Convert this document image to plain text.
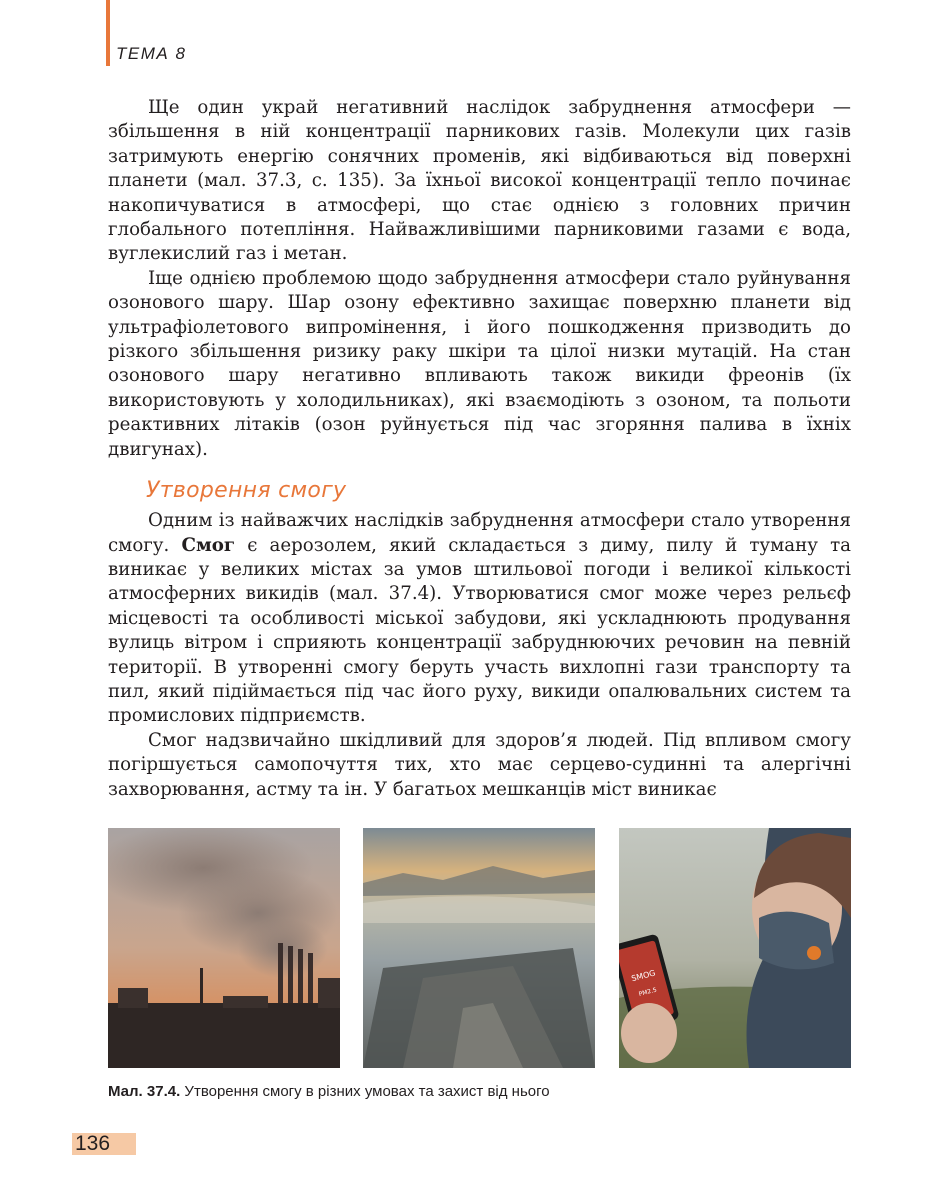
ТЕМА 8

Ще один украй негативний наслідок забруднення атмосфери — збільшення в ній концентрації парникових газів. Молекули цих газів затримують енергію сонячних променів, які відбиваються від поверхні планети (мал. 37.3, с. 135). За їхньої високої концентрації тепло починає накопичуватися в атмосфері, що стає однією з головних причин глобального потепління. Найважливішими парниковими газами є вода, вуглекислий газ і метан.

Іще однією проблемою щодо забруднення атмосфери стало руйнування озонового шару. Шар озону ефективно захищає поверхню планети від ультрафіолетового випромінення, і його пошкодження призводить до різкого збільшення ризику раку шкіри та цілої низки мутацій. На стан озонового шару негативно впливають також викиди фреонів (їх використовують у холодильниках), які взаємодіють з озоном, та польоти реактивних літаків (озон руйнується під час згоряння палива в їхніх двигунах).

Утворення смогу

Одним із найважчих наслідків забруднення атмосфери стало утворення смогу. Смог є аерозолем, який складається з диму, пилу й туману та виникає у великих містах за умов штильової погоди і великої кількості атмосферних викидів (мал. 37.4). Утворюватися смог може через рельєф місцевості та особливості міської забудови, які ускладнюють продування вулиць вітром і сприяють концентрації забруднюючих речовин на певній території. В утворенні смогу беруть участь вихлопні гази транспорту та пил, який підіймається під час його руху, викиди опалювальних систем та промислових підприємств.

Смог надзвичайно шкідливий для здоров’я людей. Під впливом смогу погіршується самопочуття тих, хто має серцево-судинні та алергічні захворювання, астму та ін. У багатьох мешканців міст виникає

SMOG
PM2.5
Мал. 37.4. Утворення смогу в різних умовах та захист від нього
136
